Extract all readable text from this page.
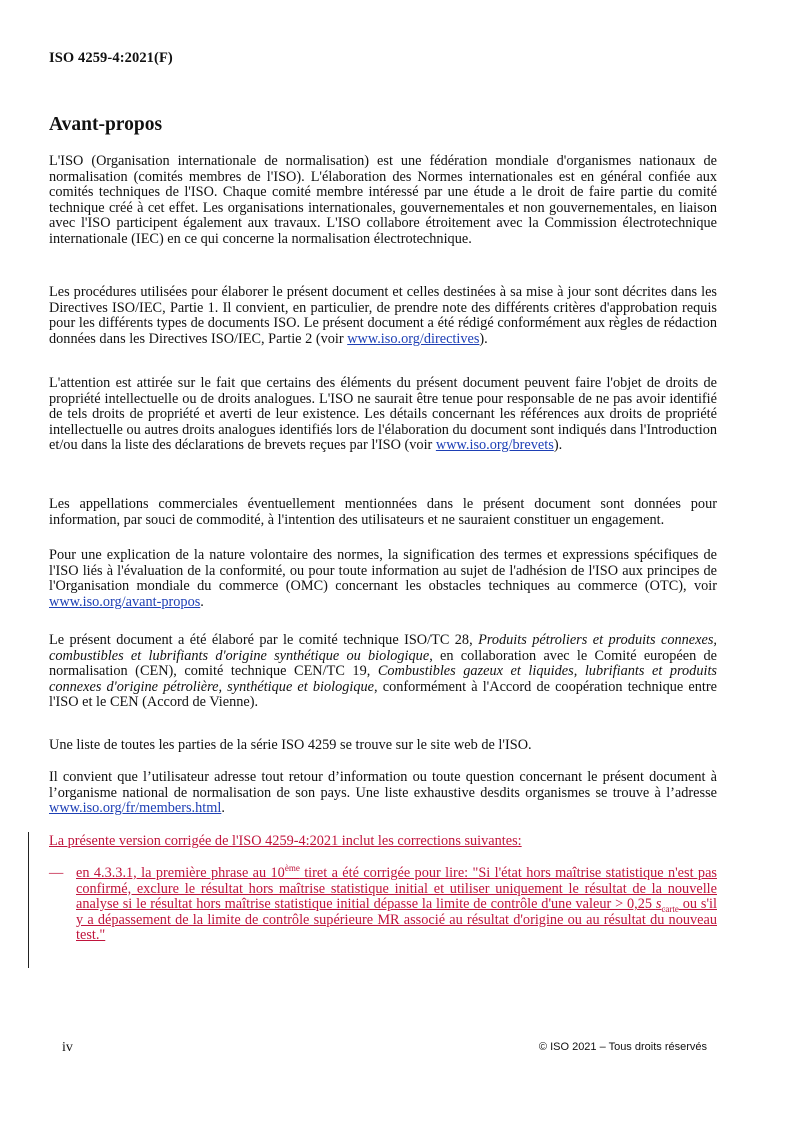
ISO 4259-4:2021(F)
Avant-propos

L'ISO (Organisation internationale de normalisation) est une fédération mondiale d'organismes nationaux de normalisation (comités membres de l'ISO). L'élaboration des Normes internationales est en général confiée aux comités techniques de l'ISO. Chaque comité membre intéressé par une étude a le droit de faire partie du comité technique créé à cet effet. Les organisations internationales, gouvernementales et non gouvernementales, en liaison avec l'ISO participent également aux travaux. L'ISO collabore étroitement avec la Commission électrotechnique internationale (IEC) en ce qui concerne la normalisation électrotechnique.

Les procédures utilisées pour élaborer le présent document et celles destinées à sa mise à jour sont décrites dans les Directives ISO/IEC, Partie 1. Il convient, en particulier, de prendre note des différents critères d'approbation requis pour les différents types de documents ISO. Le présent document a été rédigé conformément aux règles de rédaction données dans les Directives ISO/IEC, Partie 2 (voir www.iso.org/directives).

L'attention est attirée sur le fait que certains des éléments du présent document peuvent faire l'objet de droits de propriété intellectuelle ou de droits analogues. L'ISO ne saurait être tenue pour responsable de ne pas avoir identifié de tels droits de propriété et averti de leur existence. Les détails concernant les références aux droits de propriété intellectuelle ou autres droits analogues identifiés lors de l'élaboration du document sont indiqués dans l'Introduction et/ou dans la liste des déclarations de brevets reçues par l'ISO (voir www.iso.org/brevets).

Les appellations commerciales éventuellement mentionnées dans le présent document sont données pour information, par souci de commodité, à l'intention des utilisateurs et ne sauraient constituer un engagement.

Pour une explication de la nature volontaire des normes, la signification des termes et expressions spécifiques de l'ISO liés à l'évaluation de la conformité, ou pour toute information au sujet de l'adhésion de l'ISO aux principes de l'Organisation mondiale du commerce (OMC) concernant les obstacles techniques au commerce (OTC), voir www.iso.org/avant-propos.

Le présent document a été élaboré par le comité technique ISO/TC 28, Produits pétroliers et produits connexes, combustibles et lubrifiants d'origine synthétique ou biologique, en collaboration avec le Comité européen de normalisation (CEN), comité technique CEN/TC 19, Combustibles gazeux et liquides, lubrifiants et produits connexes d'origine pétrolière, synthétique et biologique, conformément à l'Accord de coopération technique entre l'ISO et le CEN (Accord de Vienne).

Une liste de toutes les parties de la série ISO 4259 se trouve sur le site web de l'ISO.

Il convient que l’utilisateur adresse tout retour d’information ou toute question concernant le présent document à l’organisme national de normalisation de son pays. Une liste exhaustive desdits organismes se trouve à l’adresse www.iso.org/fr/members.html.

La présente version corrigée de l'ISO 4259-4:2021 inclut les corrections suivantes:

— en 4.3.3.1, la première phrase au 10ème tiret a été corrigée pour lire: "Si l'état hors maîtrise statistique n'est pas confirmé, exclure le résultat hors maîtrise statistique initial et utiliser uniquement le résultat de la nouvelle analyse si le résultat hors maîtrise statistique initial dépasse la limite de contrôle d'une valeur > 0,25 $s_{carte}$ ou s'il y a dépassement de la limite de contrôle supérieure MR associé au résultat d'origine ou au résultat du nouveau test."

iv	© ISO 2021 – Tous droits réservés
